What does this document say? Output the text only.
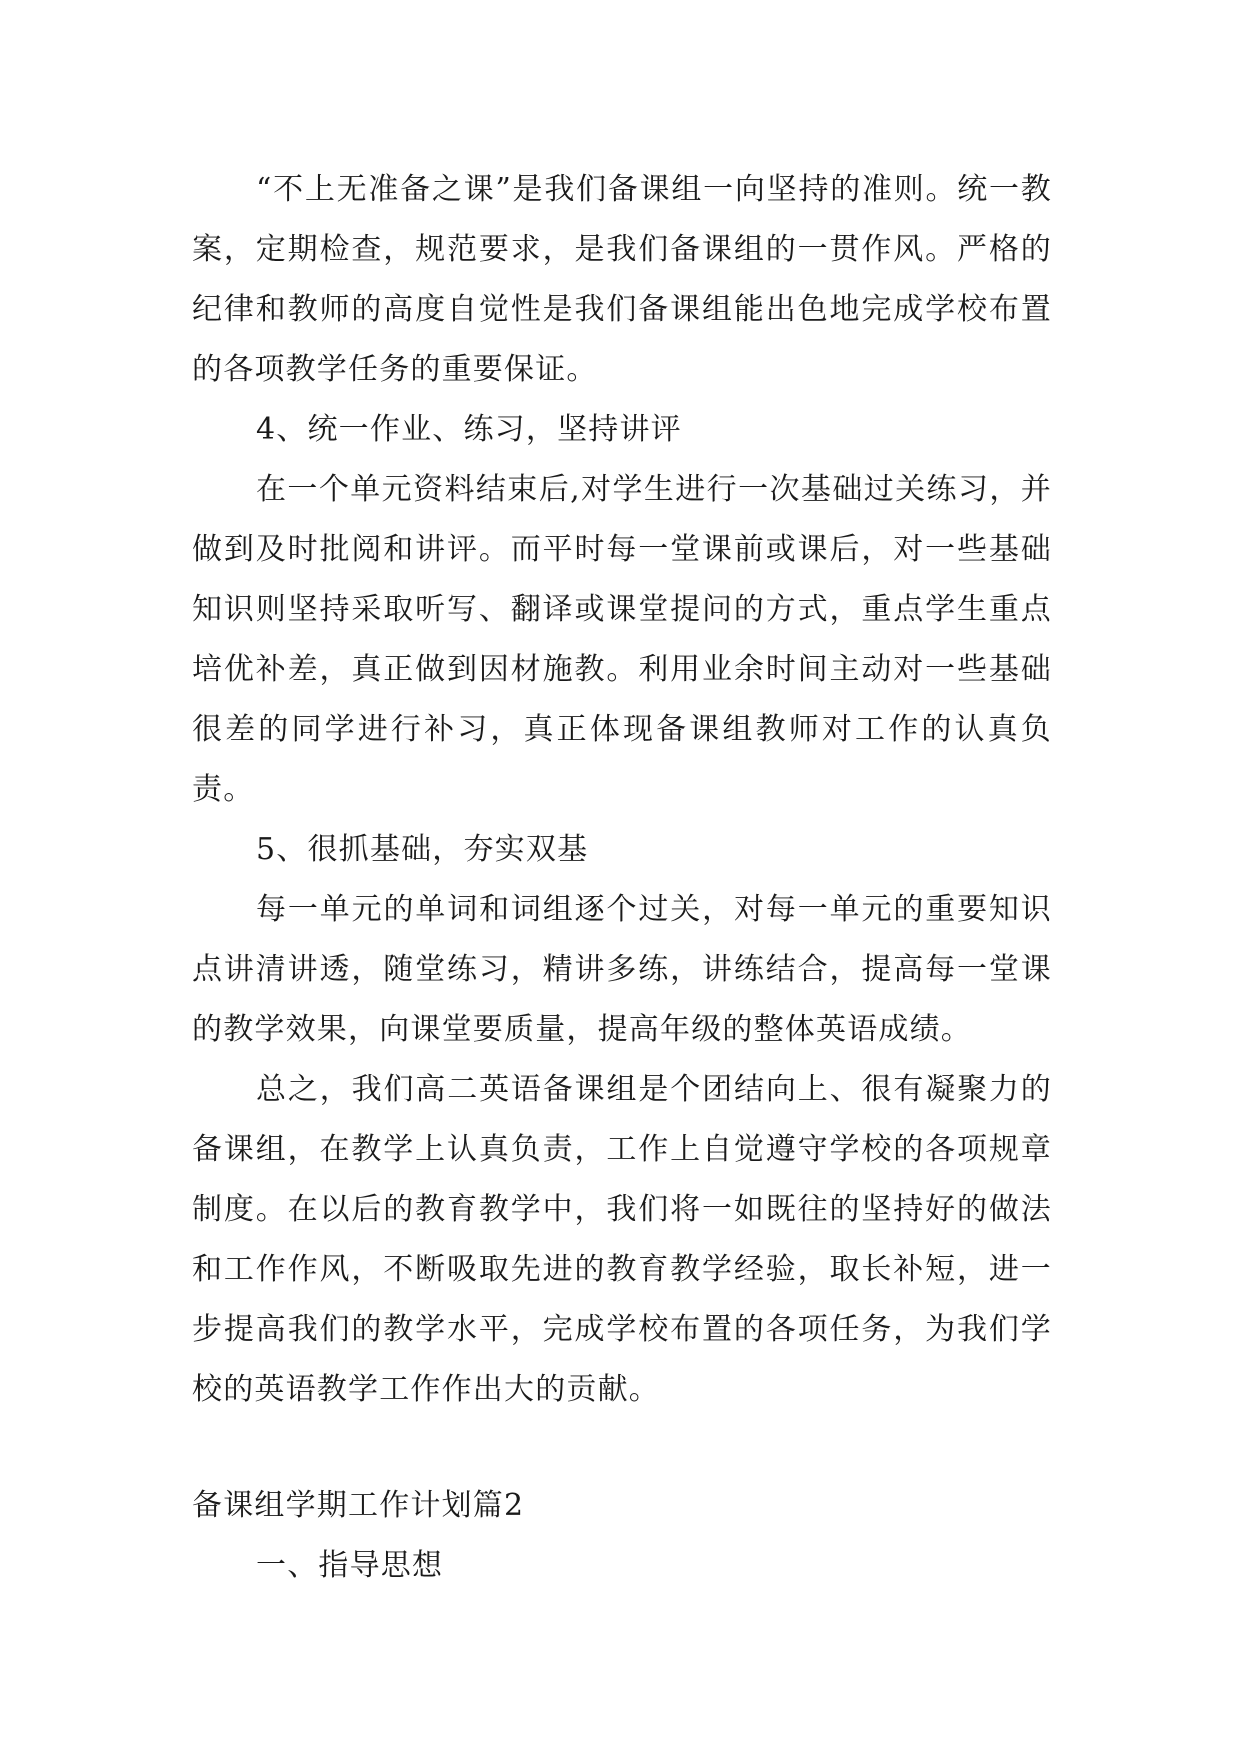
“不上无准备之课”是我们备课组一向坚持的准则。统一教案，定期检查，规范要求，是我们备课组的一贯作风。严格的纪律和教师的高度自觉性是我们备课组能出色地完成学校布置的各项教学任务的重要保证。

4、统一作业、练习，坚持讲评

在一个单元资料结束后,对学生进行一次基础过关练习，并做到及时批阅和讲评。而平时每一堂课前或课后，对一些基础知识则坚持采取听写、翻译或课堂提问的方式，重点学生重点培优补差，真正做到因材施教。利用业余时间主动对一些基础很差的同学进行补习，真正体现备课组教师对工作的认真负责。

5、很抓基础，夯实双基

每一单元的单词和词组逐个过关，对每一单元的重要知识点讲清讲透，随堂练习，精讲多练，讲练结合，提高每一堂课的教学效果，向课堂要质量，提高年级的整体英语成绩。

总之，我们高二英语备课组是个团结向上、很有凝聚力的备课组，在教学上认真负责，工作上自觉遵守学校的各项规章制度。在以后的教育教学中，我们将一如既往的坚持好的做法和工作作风，不断吸取先进的教育教学经验，取长补短，进一步提高我们的教学水平，完成学校布置的各项任务，为我们学校的英语教学工作作出大的贡献。

备课组学期工作计划篇2

一、指导思想
